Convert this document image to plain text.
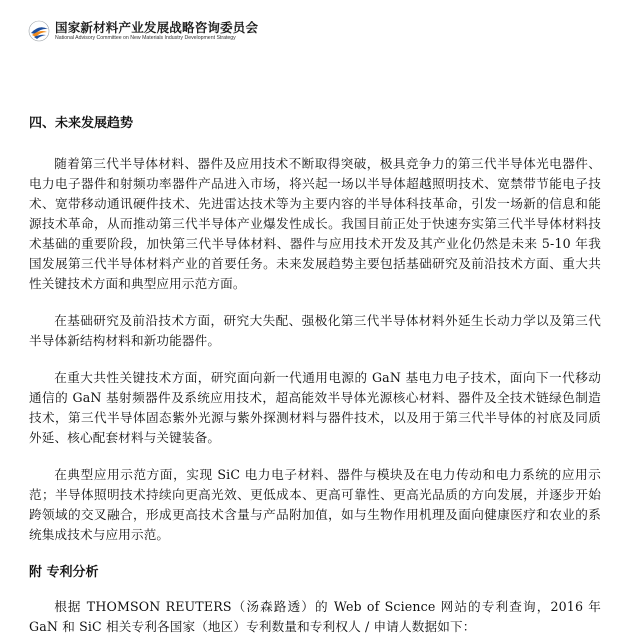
国家新材料产业发展战略咨询委员会
National Advisory Committee on New Materials Industry Development Strategy
四、未来发展趋势

随着第三代半导体材料、器件及应用技术不断取得突破，极具竞争力的第三代半导体光电器件、电力电子器件和射频功率器件产品进入市场，将兴起一场以半导体超越照明技术、宽禁带节能电子技术、宽带移动通讯硬件技术、先进雷达技术等为主要内容的半导体科技革命，引发一场新的信息和能源技术革命，从而推动第三代半导体产业爆发性成长。我国目前正处于快速夯实第三代半导体材料技术基础的重要阶段，加快第三代半导体材料、器件与应用技术开发及其产业化仍然是未来 5-10 年我国发展第三代半导体材料产业的首要任务。未来发展趋势主要包括基础研究及前沿技术方面、重大共性关键技术方面和典型应用示范方面。

在基础研究及前沿技术方面，研究大失配、强极化第三代半导体材料外延生长动力学以及第三代半导体新结构材料和新功能器件。

在重大共性关键技术方面，研究面向新一代通用电源的 GaN 基电力电子技术，面向下一代移动通信的 GaN 基射频器件及系统应用技术，超高能效半导体光源核心材料、器件及全技术链绿色制造技术，第三代半导体固态紫外光源与紫外探测材料与器件技术，以及用于第三代半导体的衬底及同质外延、核心配套材料与关键装备。

在典型应用示范方面，实现 SiC 电力电子材料、器件与模块及在电力传动和电力系统的应用示范；半导体照明技术持续向更高光效、更低成本、更高可靠性、更高光品质的方向发展，并逐步开始跨领域的交叉融合，形成更高技术含量与产品附加值，如与生物作用机理及面向健康医疗和农业的系统集成技术与应用示范。

附 专利分析

根据 THOMSON REUTERS（汤森路透）的 Web of Science 网站的专利查询，2016 年 GaN 和 SiC 相关专利各国家（地区）专利数量和专利权人 / 申请人数据如下：
